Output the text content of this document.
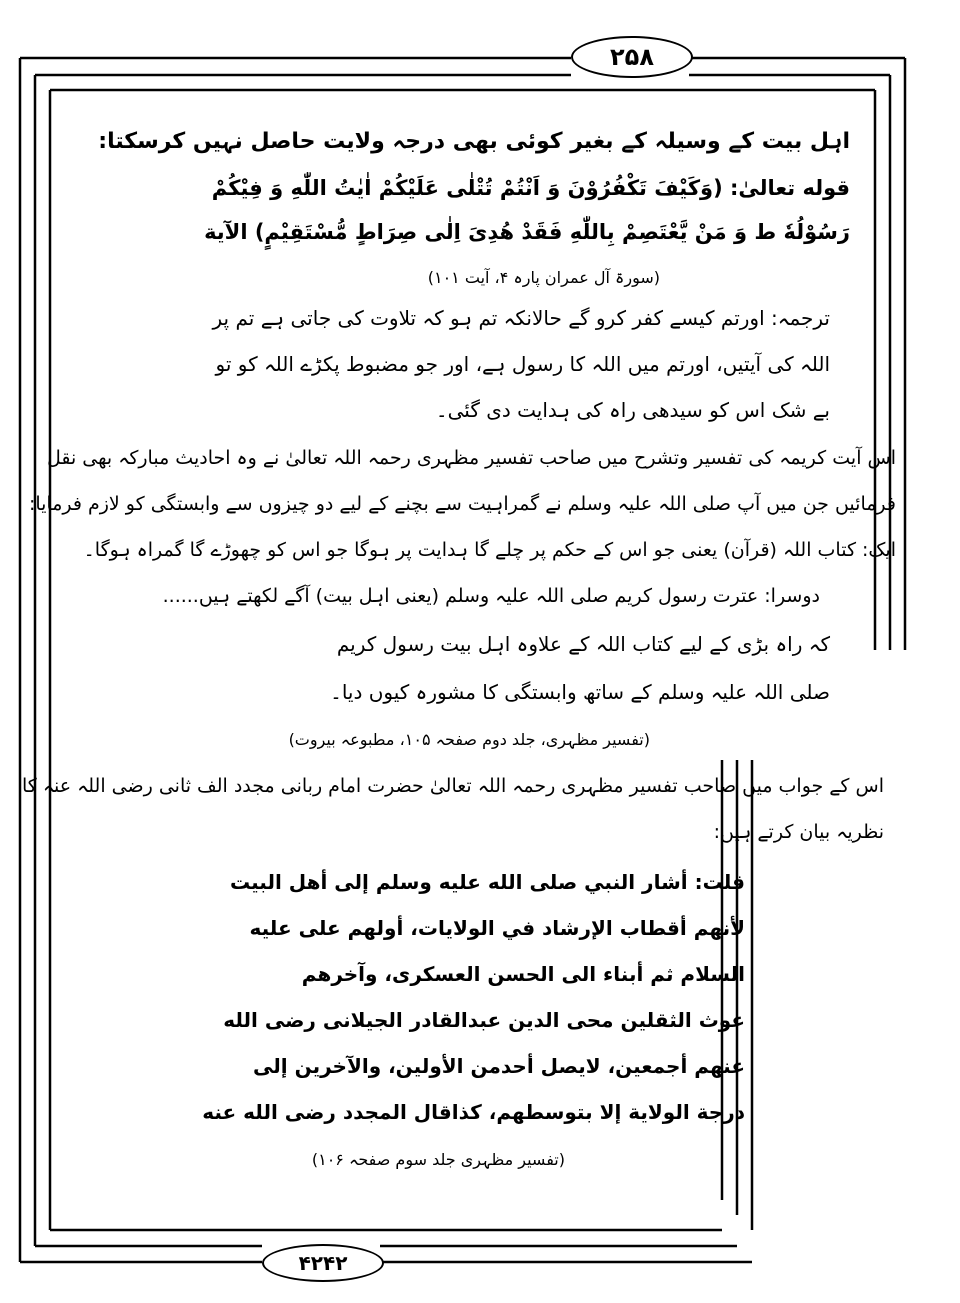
۲۵۸
اہل بیت کے وسیلہ کے بغیر کوئی بھی درجہ ولایت حاصل نہیں کرسکتا:
قوله تعالىٰ: (وَكَيْفَ تَكْفُرُوْنَ وَ اَنْتُمْ تُتْلٰى عَلَيْكُمْ اٰيٰتُ اللّٰهِ وَ فِيْكُمْ
رَسُوْلُهٗ ط وَ مَنْ يَّعْتَصِمْ بِاللّٰهِ فَقَدْ هُدِىَ اِلٰى صِرَاطٍ مُّسْتَقِيْمٍ) الآية
(سورۃ آل عمران پارہ ۴، آیت ۱۰۱)
ترجمہ: اورتم کیسے کفر کرو گے حالانکہ تم ہو کہ تلاوت کی جاتی ہے تم پر
اللہ کی آیتیں، اورتم میں اللہ کا رسول ہے، اور جو مضبوط پکڑے اللہ کو تو
بے شک اس کو سیدھی راہ کی ہدایت دی گئی۔
اس آیت کریمہ کی تفسیر وتشرح میں صاحب تفسیر مظہری رحمہ اللہ تعالیٰ نے وہ احادیث مبارکہ بھی نقل
فرمائیں جن میں آپ صلی اللہ علیہ وسلم نے گمراہیت سے بچنے کے لیے دو چیزوں سے وابستگی کو لازم فرمایا:
ایک: کتاب اللہ (قرآن) یعنی جو اس کے حکم پر چلے گا ہدایت پر ہوگا جو اس کو چھوڑے گا گمراہ ہوگا۔
دوسرا: عترت رسول کریم صلی اللہ علیہ وسلم (یعنی اہل بیت) آگے لکھتے ہیں......
کہ راہ بڑی کے لیے کتاب اللہ کے علاوہ اہل بیت رسول کریم
صلی اللہ علیہ وسلم کے ساتھ وابستگی کا مشورہ کیوں دیا۔
(تفسیر مظہری، جلد دوم صفحہ ۱۰۵، مطبوعہ بیروت)
اس کے جواب میں صاحب تفسیر مظہری رحمہ اللہ تعالیٰ حضرت امام ربانی مجدد الف ثانی رضی اللہ عنہ کا
نظریہ بیان کرتے ہیں:
قلت: أشار النبي صلى الله عليه وسلم إلى أهل البيت
لأنهم أقطاب الإرشاد في الولايات، أولهم على عليه
السلام ثم أبناء الى الحسن العسكرى، وآخرهم
غوث الثقلين محى الدين عبدالقادر الجيلانى رضى الله
عنهم أجمعين، لايصل أحدمن الأولين، والآخرين إلى
درجة الولاية إلا بتوسطهم، كذاقال المجدد رضى الله عنه
(تفسیر مظہری جلد سوم صفحہ ۱۰۶)
۴۲۴۲
